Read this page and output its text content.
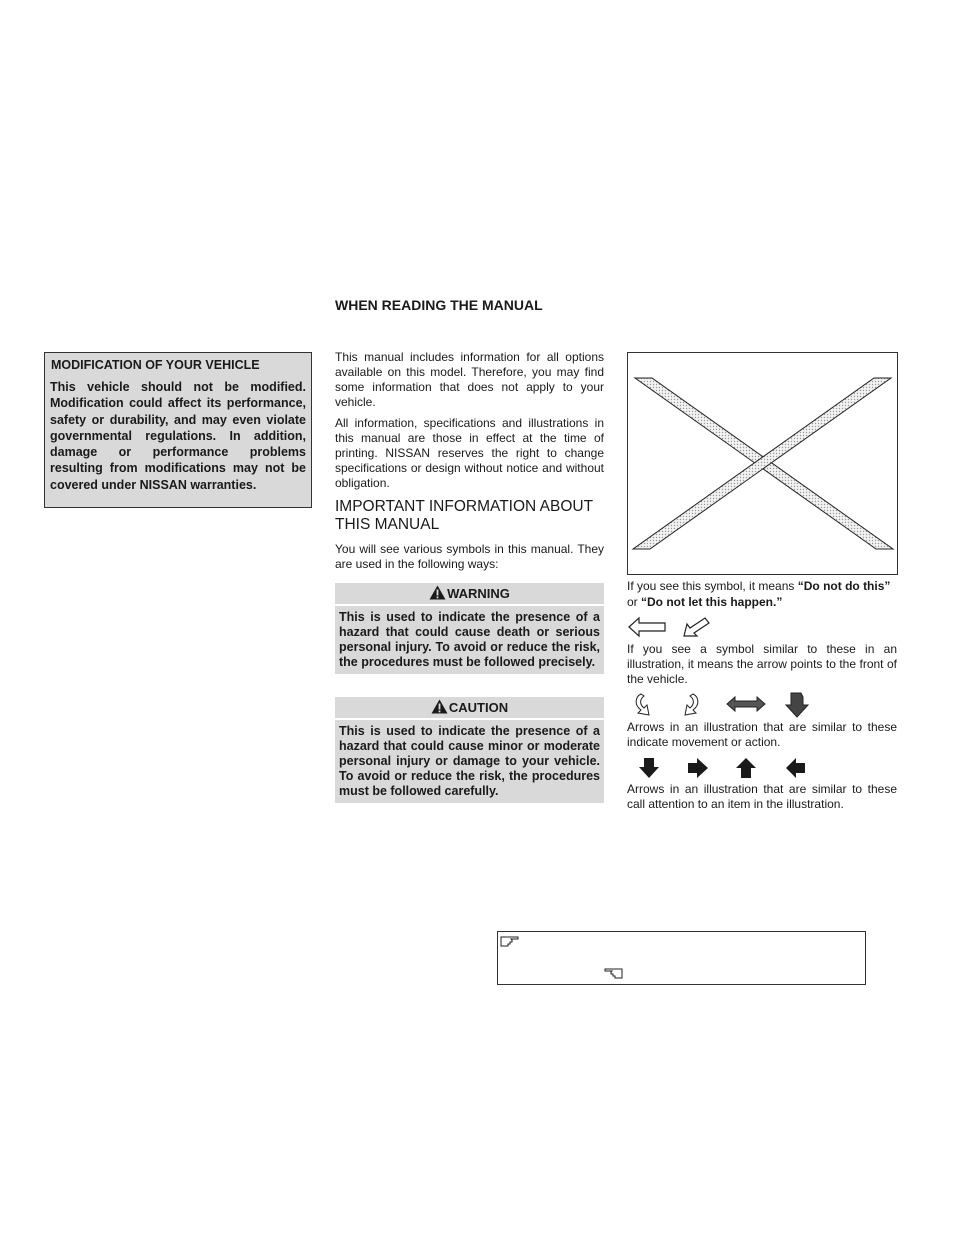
WHEN READING THE MANUAL
MODIFICATION OF YOUR VEHICLE

This vehicle should not be modified. Modification could affect its performance, safety or durability, and may even violate governmental regulations. In addition, damage or performance problems resulting from modifications may not be covered under NISSAN warranties.

This manual includes information for all options available on this model. Therefore, you may find some information that does not apply to your vehicle.

All information, specifications and illustrations in this manual are those in effect at the time of printing. NISSAN reserves the right to change specifications or design without notice and without obligation.

IMPORTANT INFORMATION ABOUT THIS MANUAL

You will see various symbols in this manual. They are used in the following ways:

WARNING

This is used to indicate the presence of a hazard that could cause death or serious personal injury. To avoid or reduce the risk, the procedures must be followed precisely.

CAUTION

This is used to indicate the presence of a hazard that could cause minor or moderate personal injury or damage to your vehicle. To avoid or reduce the risk, the procedures must be followed carefully.

If you see this symbol, it means “Do not do this” or “Do not let this happen.”

If you see a symbol similar to these in an illustration, it means the arrow points to the front of the vehicle.

Arrows in an illustration that are similar to these indicate movement or action.

Arrows in an illustration that are similar to these call attention to an item in the illustration.
